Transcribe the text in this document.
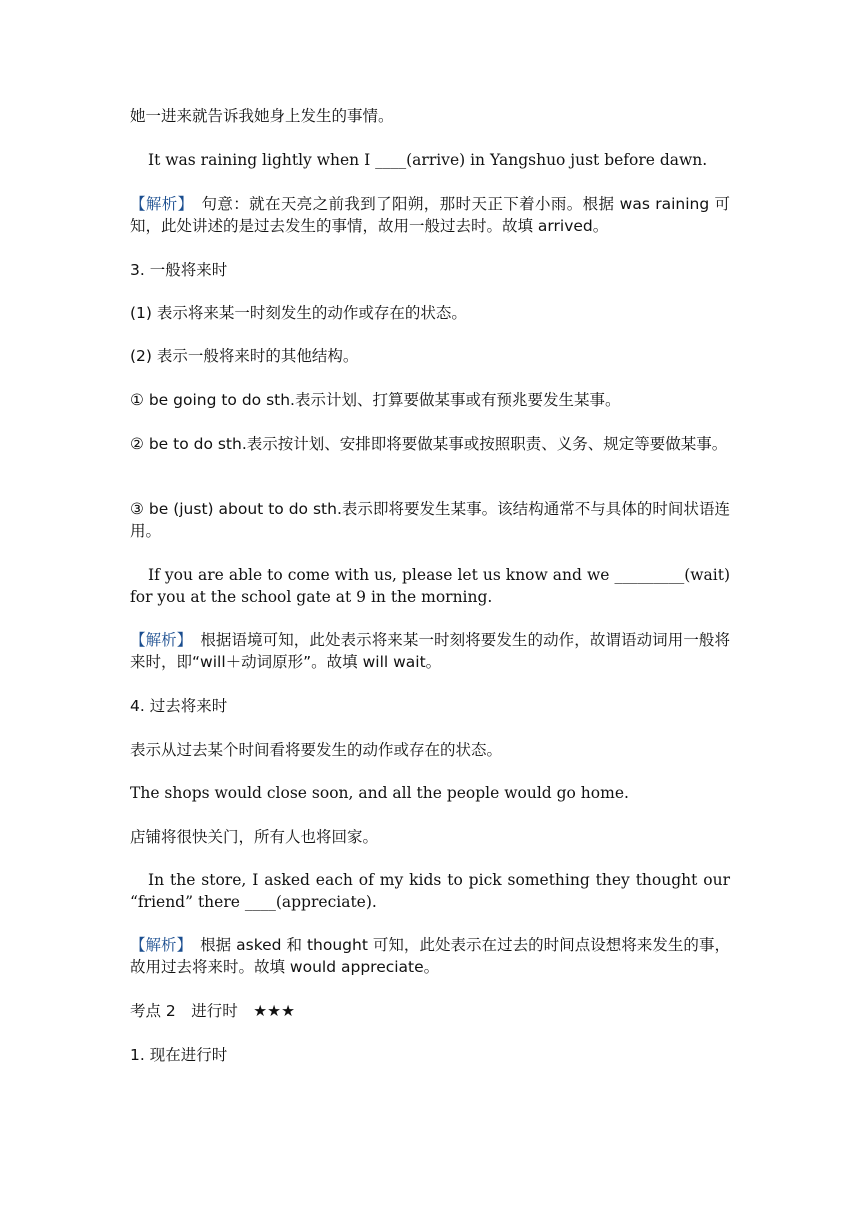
她一进来就告诉我她身上发生的事情。

It was raining lightly when I ____(arrive) in Yangshuo just before dawn.

【解析】 句意：就在天亮之前我到了阳朔，那时天正下着小雨。根据 was raining 可知，此处讲述的是过去发生的事情，故用一般过去时。故填 arrived。

3. 一般将来时

(1) 表示将来某一时刻发生的动作或存在的状态。

(2) 表示一般将来时的其他结构。

① be going to do sth.表示计划、打算要做某事或有预兆要发生某事。

② be to do sth.表示按计划、安排即将要做某事或按照职责、义务、规定等要做某事。

③ be (just) about to do sth.表示即将要发生某事。该结构通常不与具体的时间状语连用。

If you are able to come with us, please let us know and we _________(wait) for you at the school gate at 9 in the morning.

【解析】 根据语境可知，此处表示将来某一时刻将要发生的动作，故谓语动词用一般将来时，即“will＋动词原形”。故填 will wait。

4. 过去将来时

表示从过去某个时间看将要发生的动作或存在的状态。

The shops would close soon, and all the people would go home.

店铺将很快关门，所有人也将回家。

In the store, I asked each of my kids to pick something they thought our “friend” there ____(appreciate).

【解析】 根据 asked 和 thought 可知，此处表示在过去的时间点设想将来发生的事，故用过去将来时。故填 would appreciate。

考点 2　进行时　★★★

1. 现在进行时
